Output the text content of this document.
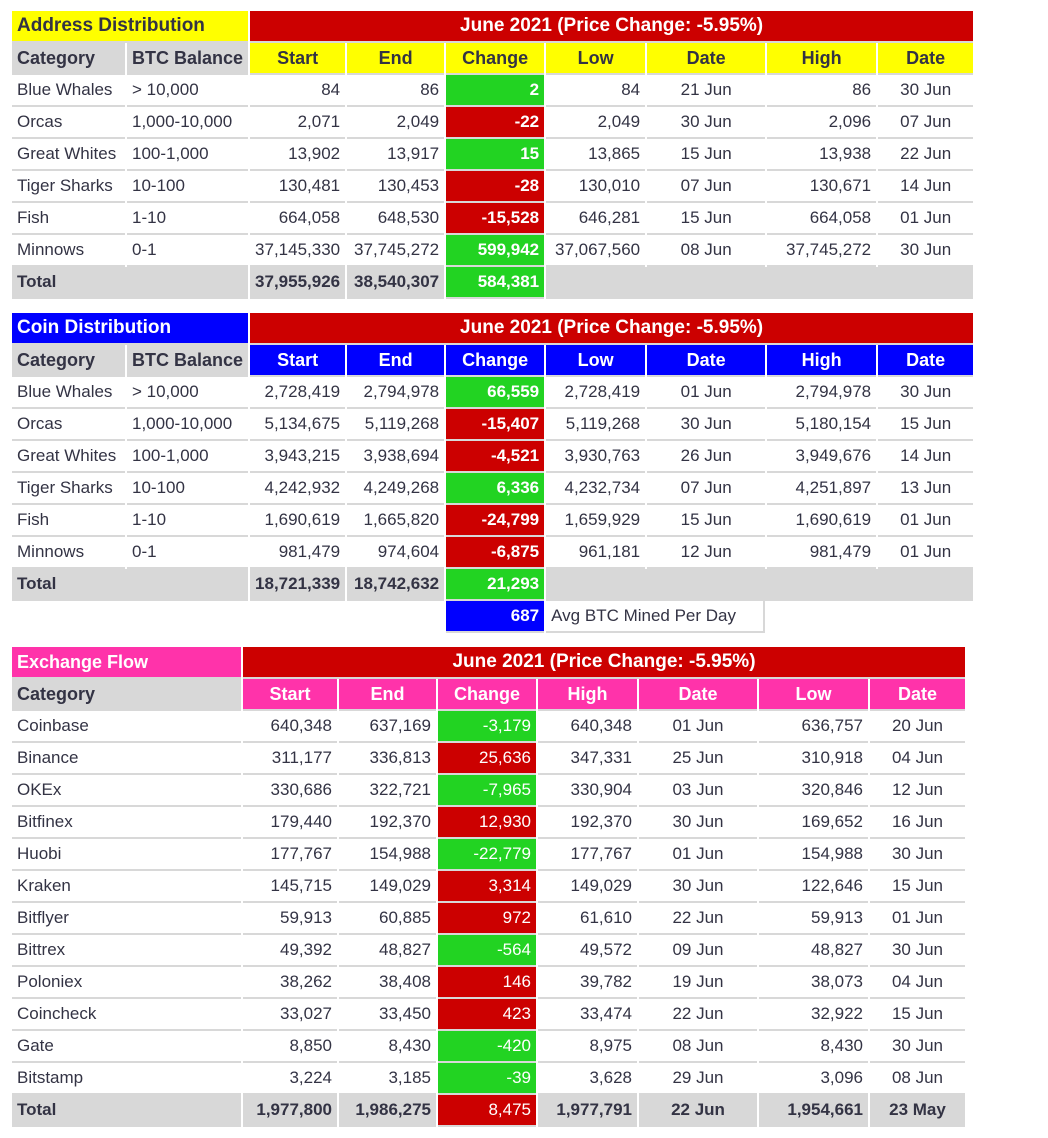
Address Distribution		June 2021 (Price Change: -5.95%)						
Category	BTC Balance	Start	End	Change	Low	Date	High	Date
Blue Whales	> 10,000	84	86	2	84	21 Jun	86	30 Jun
Orcas	1,000-10,000	2,071	2,049	-22	2,049	30 Jun	2,096	07 Jun
Great Whites	100-1,000	13,902	13,917	15	13,865	15 Jun	13,938	22 Jun
Tiger Sharks	10-100	130,481	130,453	-28	130,010	07 Jun	130,671	14 Jun
Fish	1-10	664,058	648,530	-15,528	646,281	15 Jun	664,058	01 Jun
Minnows	0-1	37,145,330	37,745,272	599,942	37,067,560	08 Jun	37,745,272	30 Jun
Total		37,955,926	38,540,307	584,381				
Coin Distribution		June 2021 (Price Change: -5.95%)						
Category	BTC Balance	Start	End	Change	Low	Date	High	Date
Blue Whales	> 10,000	2,728,419	2,794,978	66,559	2,728,419	01 Jun	2,794,978	30 Jun
Orcas	1,000-10,000	5,134,675	5,119,268	-15,407	5,119,268	30 Jun	5,180,154	15 Jun
Great Whites	100-1,000	3,943,215	3,938,694	-4,521	3,930,763	26 Jun	3,949,676	14 Jun
Tiger Sharks	10-100	4,242,932	4,249,268	6,336	4,232,734	07 Jun	4,251,897	13 Jun
Fish	1-10	1,690,619	1,665,820	-24,799	1,659,929	15 Jun	1,690,619	01 Jun
Minnows	0-1	981,479	974,604	-6,875	961,181	12 Jun	981,479	01 Jun
Total		18,721,339	18,742,632	21,293				
				687	Avg BTC Mined Per Day			
Exchange Flow	June 2021 (Price Change: -5.95%)						
Category	Start	End	Change	High	Date	Low	Date
Coinbase	640,348	637,169	-3,179	640,348	01 Jun	636,757	20 Jun
Binance	311,177	336,813	25,636	347,331	25 Jun	310,918	04 Jun
OKEx	330,686	322,721	-7,965	330,904	03 Jun	320,846	12 Jun
Bitfinex	179,440	192,370	12,930	192,370	30 Jun	169,652	16 Jun
Huobi	177,767	154,988	-22,779	177,767	01 Jun	154,988	30 Jun
Kraken	145,715	149,029	3,314	149,029	30 Jun	122,646	15 Jun
Bitflyer	59,913	60,885	972	61,610	22 Jun	59,913	01 Jun
Bittrex	49,392	48,827	-564	49,572	09 Jun	48,827	30 Jun
Poloniex	38,262	38,408	146	39,782	19 Jun	38,073	04 Jun
Coincheck	33,027	33,450	423	33,474	22 Jun	32,922	15 Jun
Gate	8,850	8,430	-420	8,975	08 Jun	8,430	30 Jun
Bitstamp	3,224	3,185	-39	3,628	29 Jun	3,096	08 Jun
Total	1,977,800	1,986,275	8,475	1,977,791	22 Jun	1,954,661	23 May
